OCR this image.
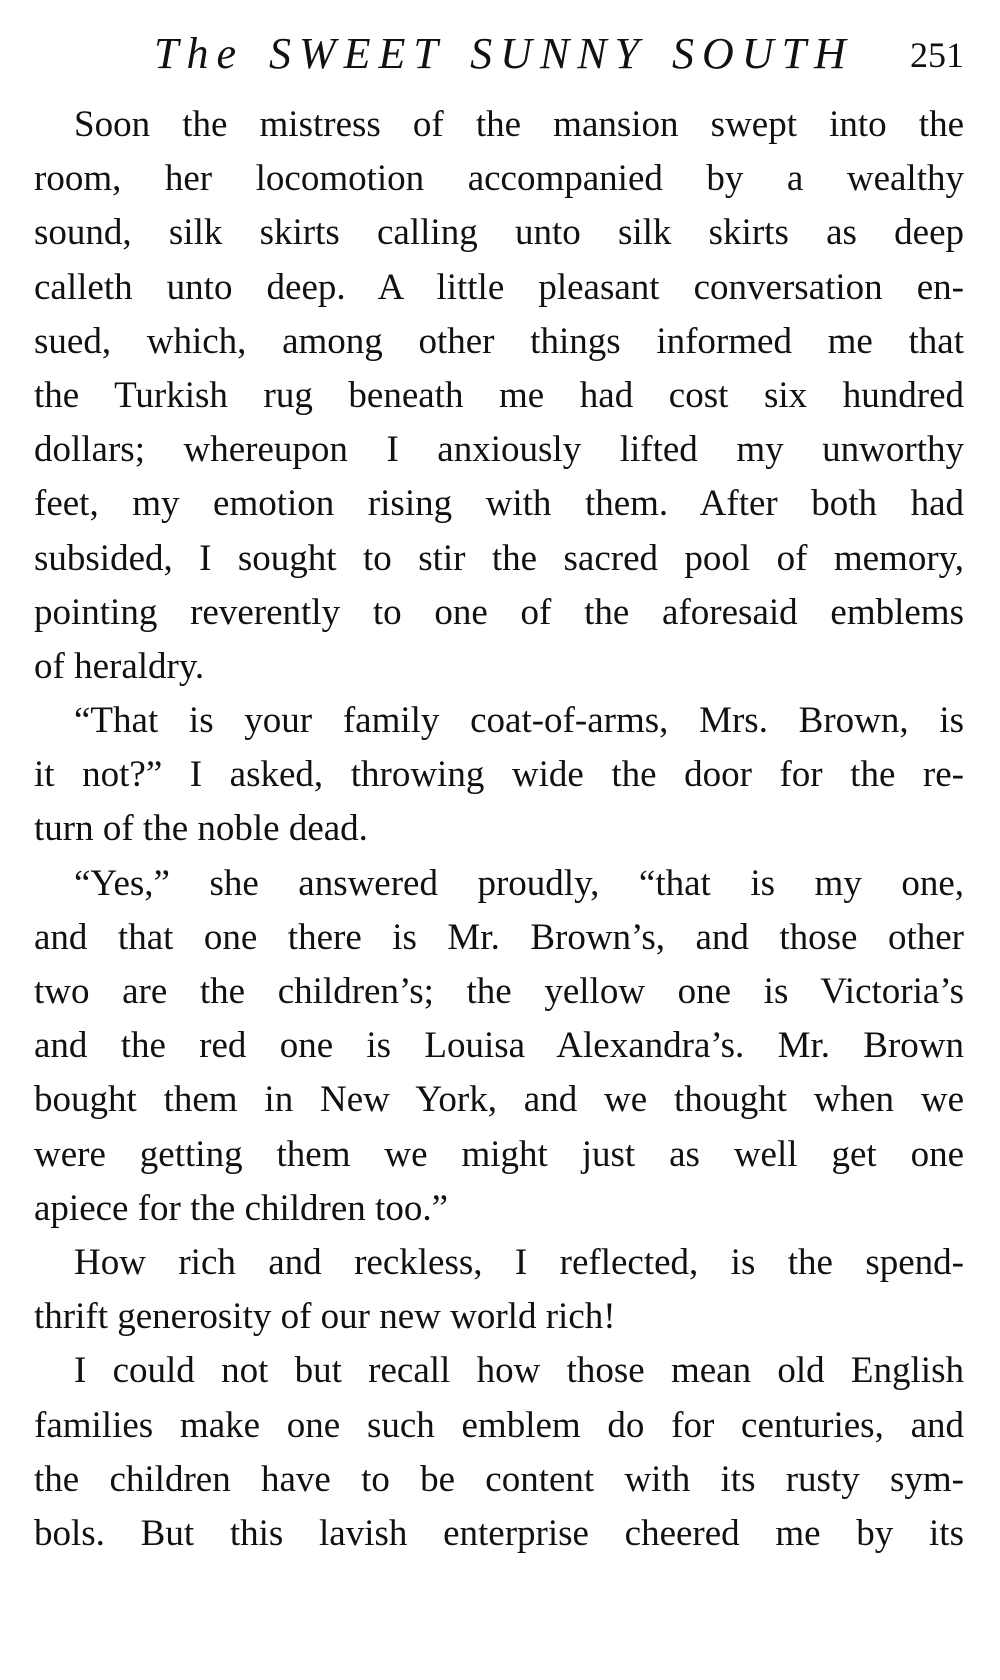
The SWEET SUNNY SOUTH 251

Soon the mistress of the mansion swept into the
room, her locomotion accompanied by a wealthy
sound, silk skirts calling unto silk skirts as deep
calleth unto deep. A little pleasant conversation en-
sued, which, among other things informed me that
the Turkish rug beneath me had cost six hundred
dollars; whereupon I anxiously lifted my unworthy
feet, my emotion rising with them. After both had
subsided, I sought to stir the sacred pool of memory,
pointing reverently to one of the aforesaid emblems
of heraldry.

“That is your family coat-of-arms, Mrs. Brown, is
it not?” I asked, throwing wide the door for the re-
turn of the noble dead.

“Yes,” she answered proudly, “that is my one,
and that one there is Mr. Brown’s, and those other
two are the children’s; the yellow one is Victoria’s
and the red one is Louisa Alexandra’s. Mr. Brown
bought them in New York, and we thought when we
were getting them we might just as well get one
apiece for the children too.”

How rich and reckless, I reflected, is the spend-
thrift generosity of our new world rich!

I could not but recall how those mean old English
families make one such emblem do for centuries, and
the children have to be content with its rusty sym-
bols. But this lavish enterprise cheered me by its
